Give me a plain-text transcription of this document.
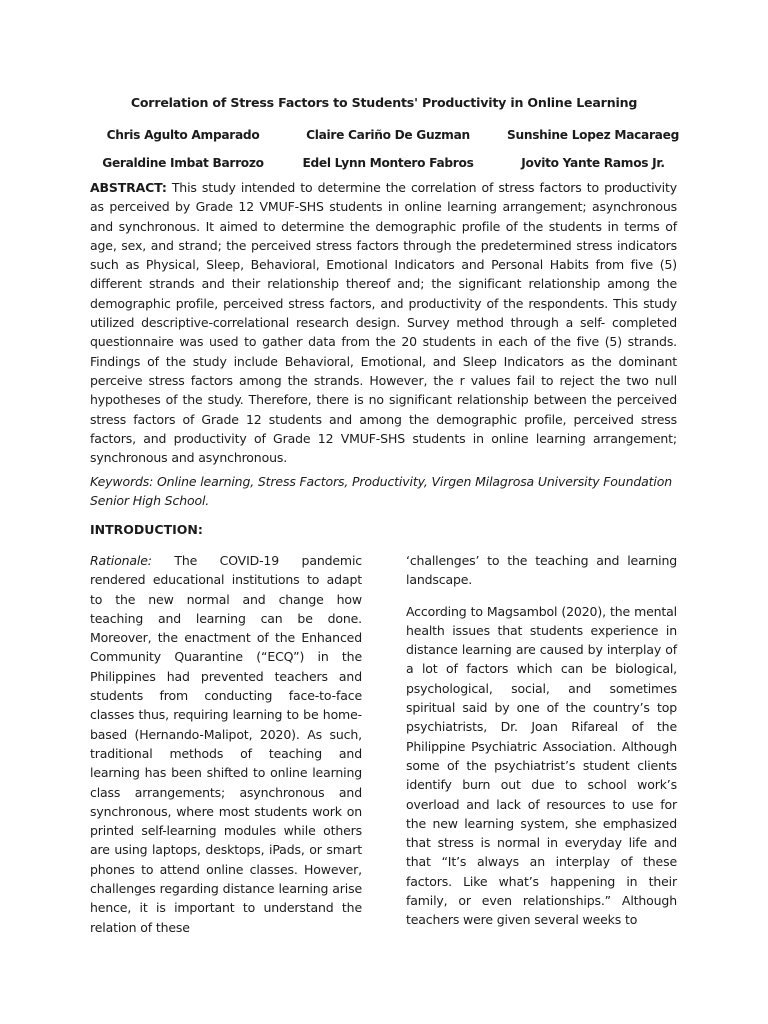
Correlation of Stress Factors to Students' Productivity in Online Learning
Chris Agulto Amparado	Claire Cariño De Guzman	Sunshine Lopez Macaraeg
Geraldine Imbat Barrozo	Edel Lynn Montero Fabros	Jovito Yante Ramos Jr.
ABSTRACT: This study intended to determine the correlation of stress factors to productivity as perceived by Grade 12 VMUF-SHS students in online learning arrangement; asynchronous and synchronous. It aimed to determine the demographic profile of the students in terms of age, sex, and strand; the perceived stress factors through the predetermined stress indicators such as Physical, Sleep, Behavioral, Emotional Indicators and Personal Habits from five (5) different strands and their relationship thereof and; the significant relationship among the demographic profile, perceived stress factors, and productivity of the respondents. This study utilized descriptive-correlational research design. Survey method through a self- completed questionnaire was used to gather data from the 20 students in each of the five (5) strands. Findings of the study include Behavioral, Emotional, and Sleep Indicators as the dominant perceive stress factors among the strands. However, the r values fail to reject the two null hypotheses of the study. Therefore, there is no significant relationship between the perceived stress factors of Grade 12 students and among the demographic profile, perceived stress factors, and productivity of Grade 12 VMUF-SHS students in online learning arrangement; synchronous and asynchronous.
Keywords: Online learning, Stress Factors, Productivity, Virgen Milagrosa University Foundation Senior High School.
INTRODUCTION:

Rationale: The COVID-19 pandemic rendered educational institutions to adapt to the new normal and change how teaching and learning can be done. Moreover, the enactment of the Enhanced Community Quarantine (“ECQ”) in the Philippines had prevented teachers and students from conducting face-to-face classes thus, requiring learning to be home-based (Hernando-Malipot, 2020). As such, traditional methods of teaching and learning has been shifted to online learning class arrangements; asynchronous and synchronous, where most students work on printed self-learning modules while others are using laptops, desktops, iPads, or smart phones to attend online classes. However, challenges regarding distance learning arise hence, it is important to understand the relation of these

‘challenges’ to the teaching and learning landscape.

According to Magsambol (2020), the mental health issues that students experience in distance learning are caused by interplay of a lot of factors which can be biological, psychological, social, and sometimes spiritual said by one of the country’s top psychiatrists, Dr. Joan Rifareal of the Philippine Psychiatric Association. Although some of the psychiatrist’s student clients identify burn out due to school work’s overload and lack of resources to use for the new learning system, she emphasized that stress is normal in everyday life and that “It’s always an interplay of these factors. Like what’s happening in their family, or even relationships.” Although teachers were given several weeks to
